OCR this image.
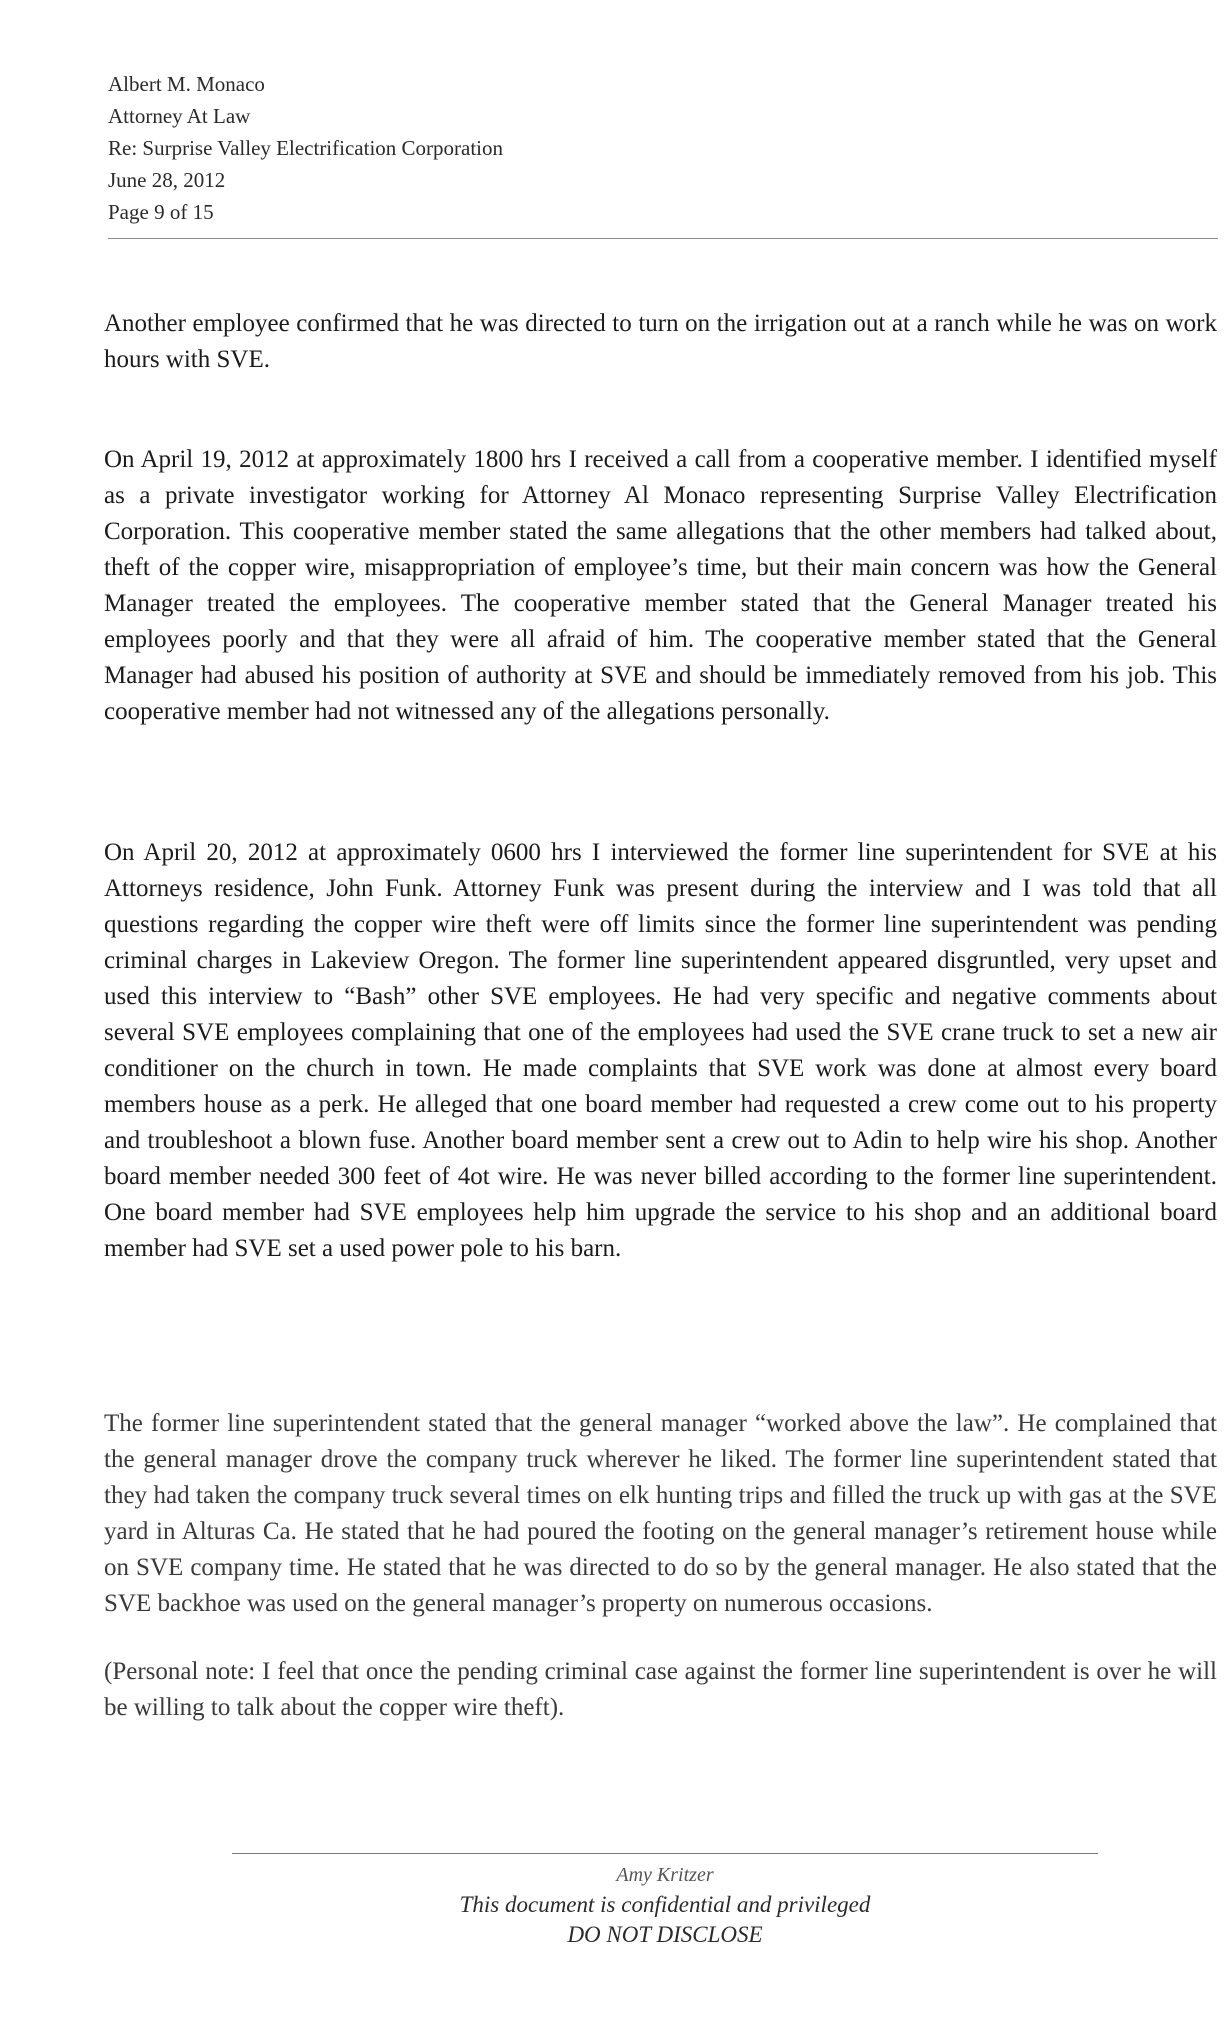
Albert M. Monaco
Attorney At Law
Re: Surprise Valley Electrification Corporation
June 28, 2012
Page 9 of 15

Another employee confirmed that he was directed to turn on the irrigation out at a ranch while he was on work hours with SVE.

On April 19, 2012 at approximately 1800 hrs I received a call from a cooperative member. I identified myself as a private investigator working for Attorney Al Monaco representing Surprise Valley Electrification Corporation. This cooperative member stated the same allegations that the other members had talked about, theft of the copper wire, misappropriation of employee’s time, but their main concern was how the General Manager treated the employees. The cooperative member stated that the General Manager treated his employees poorly and that they were all afraid of him. The cooperative member stated that the General Manager had abused his position of authority at SVE and should be immediately removed from his job. This cooperative member had not witnessed any of the allegations personally.

On April 20, 2012 at approximately 0600 hrs I interviewed the former line superintendent for SVE at his Attorneys residence, John Funk. Attorney Funk was present during the interview and I was told that all questions regarding the copper wire theft were off limits since the former line superintendent was pending criminal charges in Lakeview Oregon. The former line superintendent appeared disgruntled, very upset and used this interview to “Bash” other SVE employees. He had very specific and negative comments about several SVE employees complaining that one of the employees had used the SVE crane truck to set a new air conditioner on the church in town. He made complaints that SVE work was done at almost every board members house as a perk. He alleged that one board member had requested a crew come out to his property and troubleshoot a blown fuse. Another board member sent a crew out to Adin to help wire his shop. Another board member needed 300 feet of 4ot wire. He was never billed according to the former line superintendent. One board member had SVE employees help him upgrade the service to his shop and an additional board member had SVE set a used power pole to his barn.

The former line superintendent stated that the general manager “worked above the law”. He complained that the general manager drove the company truck wherever he liked. The former line superintendent stated that they had taken the company truck several times on elk hunting trips and filled the truck up with gas at the SVE yard in Alturas Ca. He stated that he had poured the footing on the general manager’s retirement house while on SVE company time. He stated that he was directed to do so by the general manager. He also stated that the SVE backhoe was used on the general manager’s property on numerous occasions.

(Personal note: I feel that once the pending criminal case against the former line superintendent is over he will be willing to talk about the copper wire theft).

Amy Kritzer
This document is confidential and privileged
DO NOT DISCLOSE
